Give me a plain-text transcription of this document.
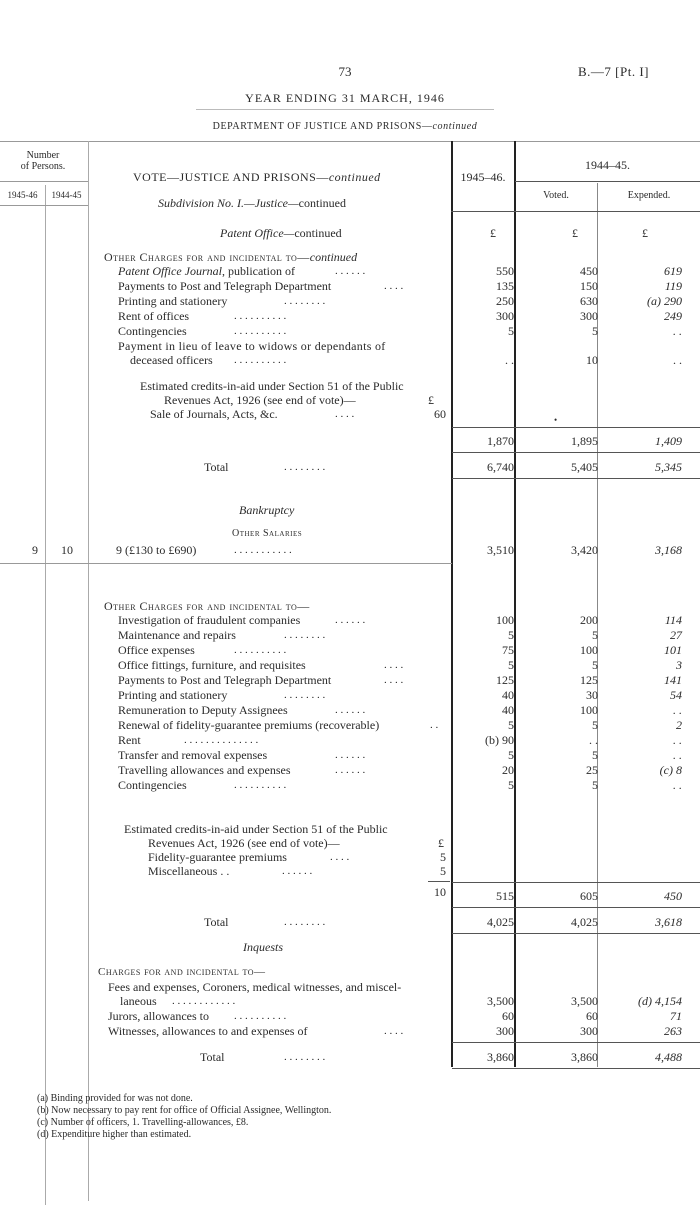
73	B.—7 [Pt. I]
YEAR ENDING 31 MARCH, 1946
DEPARTMENT OF JUSTICE AND PRISONS—continued
Number
of Persons.
1945-46	1944-45
VOTE—JUSTICE AND PRISONS—continued	1945–46.
1944–45.
Voted.	Expended.
Subdivision No. I.—Justice—continued
Patent Office—continued	£	£	£
Other Charges for and incidental to—continued
Patent Office Journal, publication of	. . . . . .	550	450	619
Payments to Post and Telegraph Department	. . . .	135	150	119
Printing and stationery	. . . . . . . .	250	630	(a) 290
Rent of offices	. . . . . . . . . .	300	300	249
Contingencies	. . . . . . . . . .	5	5	. .
Payment in lieu of leave to widows or dependants of
deceased officers . . . . . . . . . .	. .	10	. .
Estimated credits-in-aid under Section 51 of the Public
Revenues Act, 1926 (see end of vote)—	£
Sale of Journals, Acts, &c.	. . . .	60	•
1,870	1,895	1,409
Total	. . . . . . . .	6,740	5,405	5,345
Bankruptcy
Other Salaries
9	10	9 (£130 to £690)	. . . . . . . . . . .	3,510	3,420	3,168
Other Charges for and incidental to—
Investigation of fraudulent companies	. . . . . .	100	200	114
Maintenance and repairs	. . . . . . . .	5	5	27
Office expenses	. . . . . . . . . .	75	100	101
Office fittings, furniture, and requisites	. . . .	5	5	3
Payments to Post and Telegraph Department	. . . .	125	125	141
Printing and stationery	. . . . . . . .	40	30	54
Remuneration to Deputy Assignees	. . . . . .	40	100	. .
Renewal of fidelity-guarantee premiums (recoverable)	. .	5	5	2
Rent	. . . . . . . . . . . . . .	(b) 90	. .	. .
Transfer and removal expenses	. . . . . .	5	5	. .
Travelling allowances and expenses	. . . . . .	20	25	(c) 8
Contingencies	. . . . . . . . . .	5	5	. .
Estimated credits-in-aid under Section 51 of the Public
Revenues Act, 1926 (see end of vote)—	£
Fidelity-guarantee premiums	. . . .	5
Miscellaneous . .	. . . . . .	5
10	515	605	450
Total	. . . . . . . .	4,025	4,025	3,618
Inquests
Charges for and incidental to—
Fees and expenses, Coroners, medical witnesses, and miscel-
laneous . . . . . . . . . . . .	3,500	3,500	(d) 4,154
Jurors, allowances to . . . . . . . . . .	60	60	71
Witnesses, allowances to and expenses of	. . . .	300	300	263
Total	. . . . . . . .	3,860	3,860	4,488
(a) Binding provided for was not done.
(b) Now necessary to pay rent for office of Official Assignee, Wellington.
(c) Number of officers, 1. Travelling-allowances, £8.
(d) Expenditure higher than estimated.
